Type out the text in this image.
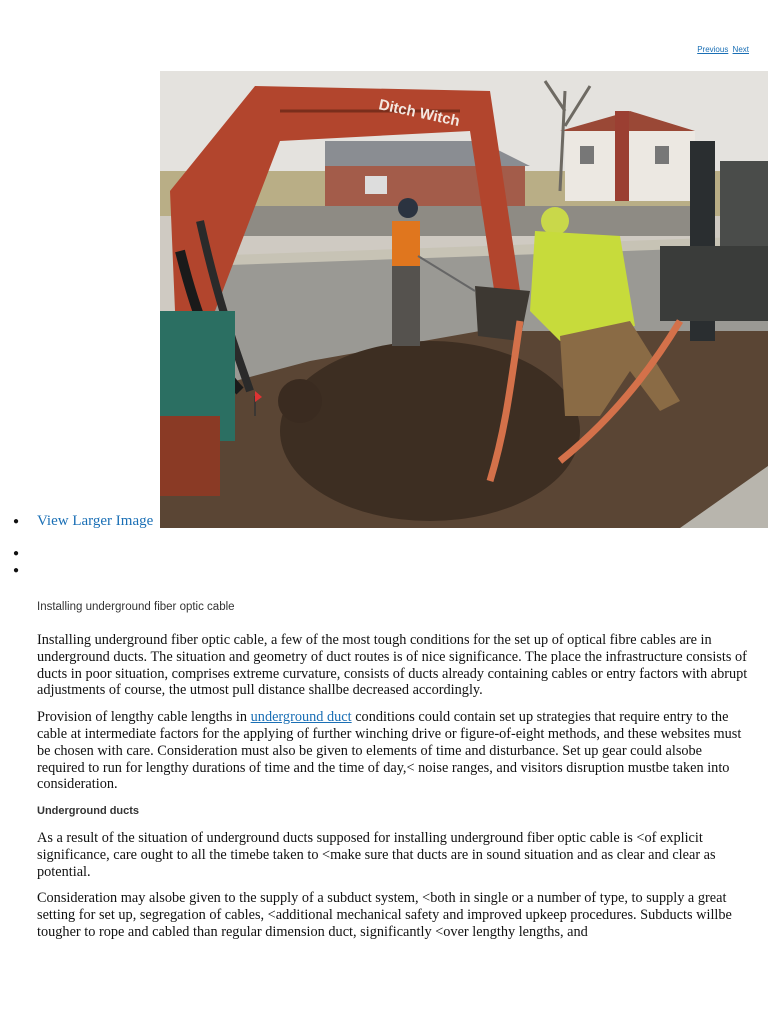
Previous Next
Ditch Witch
● View Larger Image
●
●
Installing underground fiber optic cable

Installing underground fiber optic cable, a few of the most tough conditions for the set up of optical fibre cables are in underground ducts. The situation and geometry of duct routes is of nice significance. The place the infrastructure consists of ducts in poor situation, comprises extreme curvature, consists of ducts already containing cables or entry factors with abrupt adjustments of course, the utmost pull distance shallbe decreased accordingly.

Provision of lengthy cable lengths in underground duct conditions could contain set up strategies that require entry to the cable at intermediate factors for the applying of further winching drive or figure-of-eight methods, and these websites must be chosen with care. Consideration must also be given to elements of time and disturbance. Set up gear could alsobe required to run for lengthy durations of time and the time of day,< noise ranges, and visitors disruption mustbe taken into consideration.

Underground ducts

As a result of the situation of underground ducts supposed for installing underground fiber optic cable is <of explicit significance, care ought to all the timebe taken to <make sure that ducts are in sound situation and as clear and clear as potential.

Consideration may alsobe given to the supply of a subduct system, <both in single or a number of type, to supply a great setting for set up, segregation of cables, <additional mechanical safety and improved upkeep procedures. Subducts willbe tougher to rope and cabled than regular dimension duct, significantly <over lengthy lengths, and
